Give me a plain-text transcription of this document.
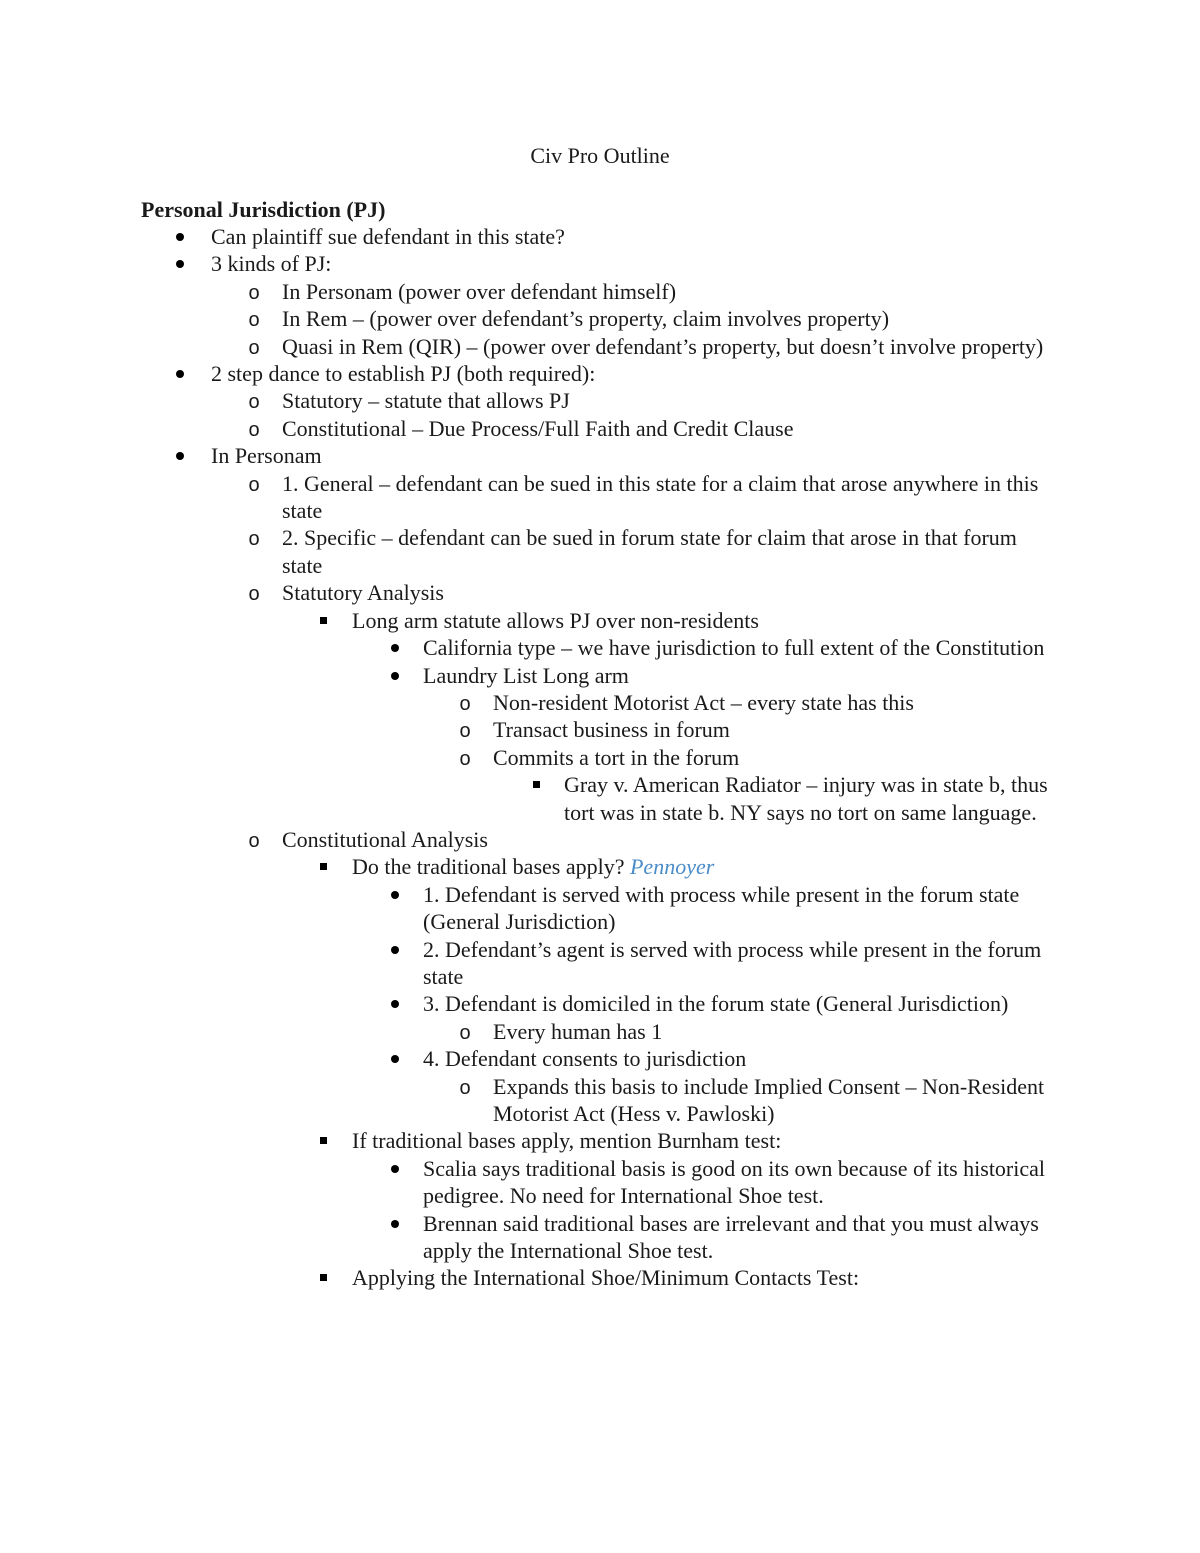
Civ Pro Outline
Personal Jurisdiction (PJ)
Can plaintiff sue defendant in this state?
3 kinds of PJ:
o
In Personam (power over defendant himself)
o
In Rem – (power over defendant’s property, claim involves property)
o
Quasi in Rem (QIR) – (power over defendant’s property, but doesn’t involve property)
2 step dance to establish PJ (both required):
o
Statutory – statute that allows PJ
o
Constitutional – Due Process/Full Faith and Credit Clause
In Personam
o
1. General – defendant can be sued in this state for a claim that arose anywhere in this state
o
2. Specific – defendant can be sued in forum state for claim that arose in that forum state
o
Statutory Analysis
Long arm statute allows PJ over non-residents
California type – we have jurisdiction to full extent of the Constitution
Laundry List Long arm
o
Non-resident Motorist Act – every state has this
o
Transact business in forum
o
Commits a tort in the forum
Gray v. American Radiator – injury was in state b, thus tort was in state b. NY says no tort on same language.
o
Constitutional Analysis
Do the traditional bases apply? Pennoyer
1. Defendant is served with process while present in the forum state (General Jurisdiction)
2. Defendant’s agent is served with process while present in the forum state
3. Defendant is domiciled in the forum state (General Jurisdiction)
o
Every human has 1
4. Defendant consents to jurisdiction
o
Expands this basis to include Implied Consent – Non-Resident Motorist Act (Hess v. Pawloski)
If traditional bases apply, mention Burnham test:
Scalia says traditional basis is good on its own because of its historical pedigree. No need for International Shoe test.
Brennan said traditional bases are irrelevant and that you must always apply the International Shoe test.
Applying the International Shoe/Minimum Contacts Test:
